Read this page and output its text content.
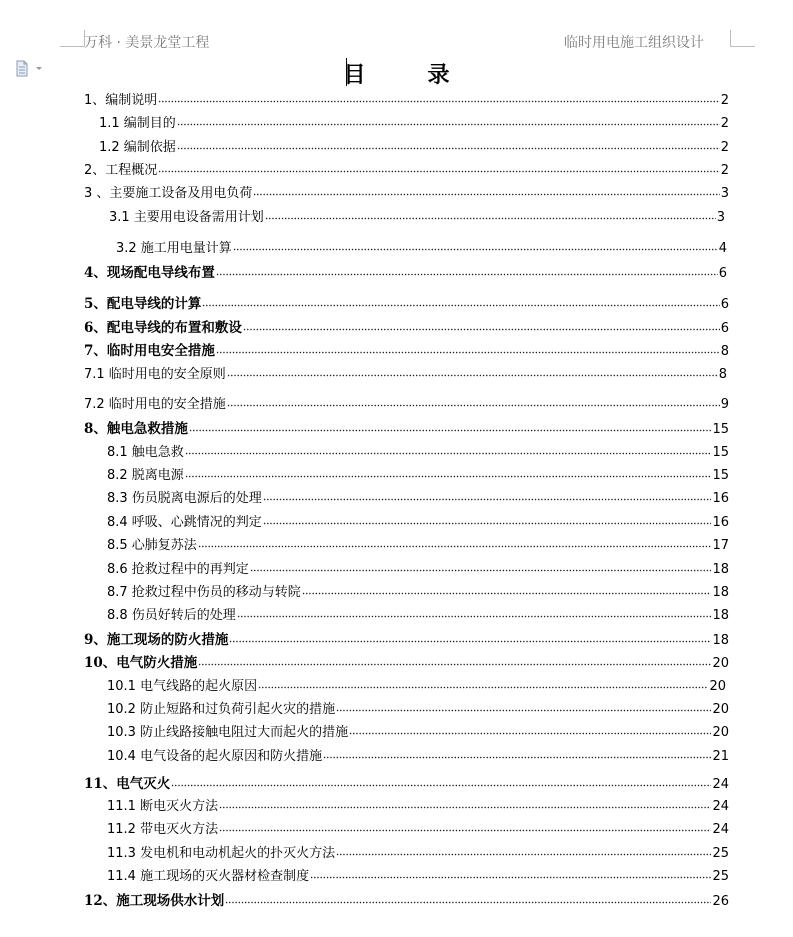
万科 · 美景龙堂工程	临时用电施工组织设计
目	录
1、编制说明	2
1.1 编制目的	2
1.2 编制依据	2
2、工程概况	2
3 、主要施工设备及用电负荷	3
3.1 主要用电设备需用计划	3
3.2 施工用电量计算	4
4、现场配电导线布置	6
5、配电导线的计算	6
6、配电导线的布置和敷设	6
7、临时用电安全措施	8
7.1 临时用电的安全原则	8
7.2 临时用电的安全措施	9
8、触电急救措施	15
8.1 触电急救	15
8.2 脱离电源	15
8.3 伤员脱离电源后的处理	16
8.4 呼吸、心跳情况的判定	16
8.5 心肺复苏法	17
8.6 抢救过程中的再判定	18
8.7 抢救过程中伤员的移动与转院	18
8.8 伤员好转后的处理	18
9、施工现场的防火措施	18
10、电气防火措施	20
10.1 电气线路的起火原因	20
10.2 防止短路和过负荷引起火灾的措施	20
10.3 防止线路接触电阻过大而起火的措施	20
10.4 电气设备的起火原因和防火措施	21
11、电气灭火	24
11.1 断电灭火方法	24
11.2 带电灭火方法	24
11.3 发电机和电动机起火的扑灭火方法	25
11.4 施工现场的灭火器材检查制度	25
12、施工现场供水计划	26
